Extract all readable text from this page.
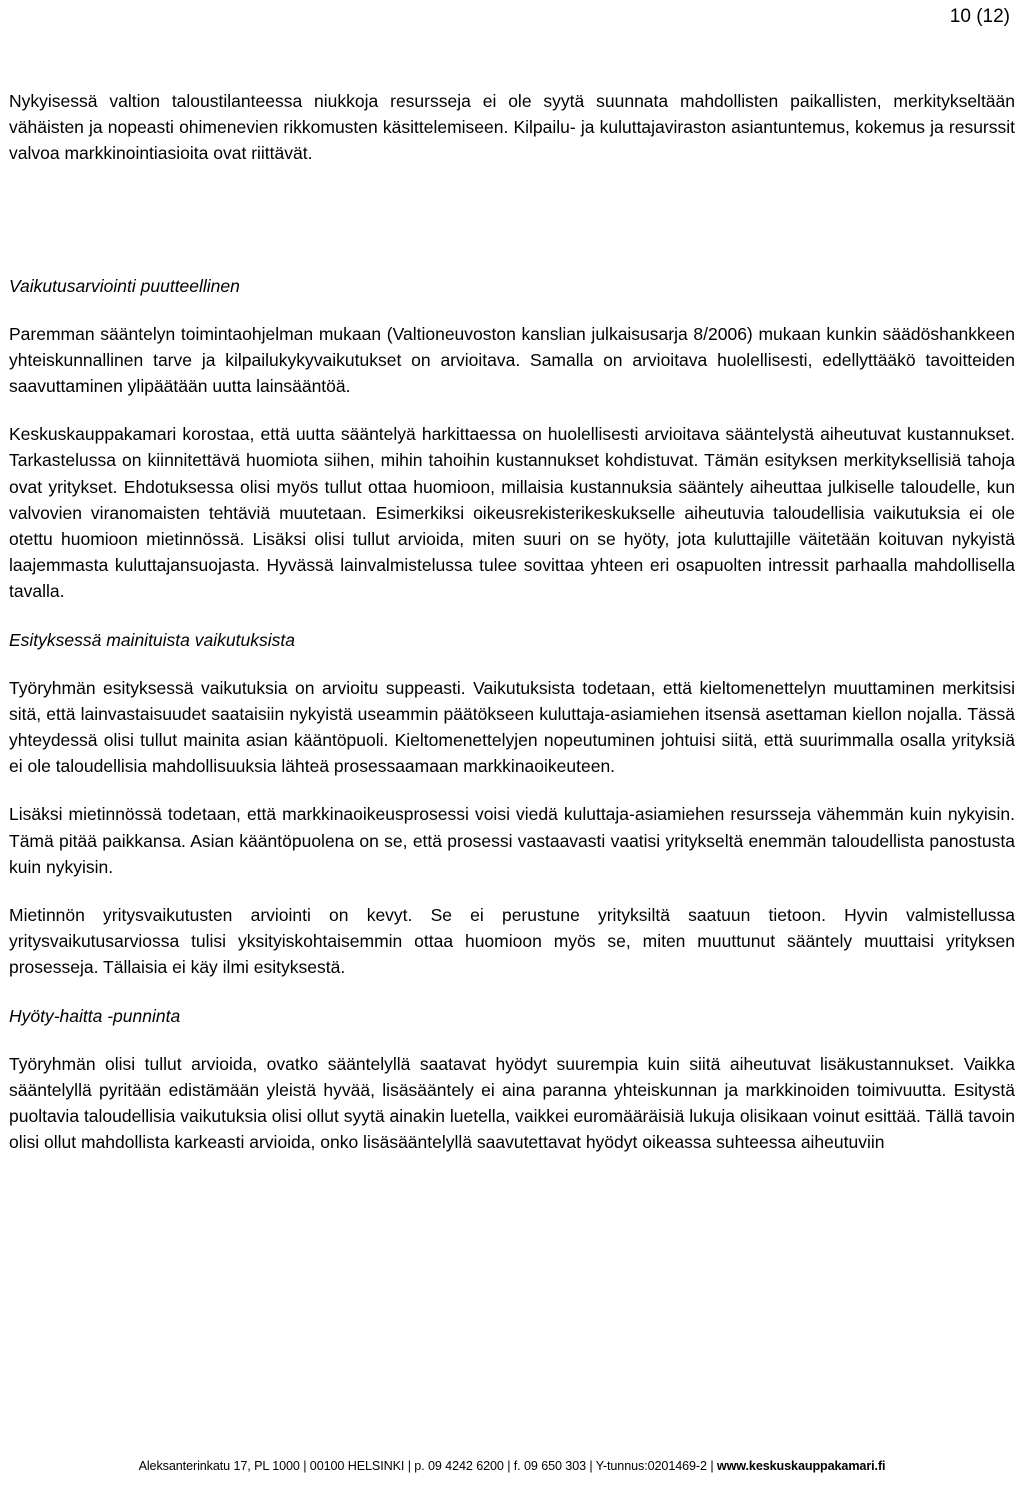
10 (12)

Nykyisessä valtion taloustilanteessa niukkoja resursseja ei ole syytä suunnata mahdollisten paikallisten, merkitykseltään vähäisten ja nopeasti ohimenevien rikkomusten käsittelemiseen. Kilpailu- ja kuluttajaviraston asiantuntemus, kokemus ja resurssit valvoa markkinointiasioita ovat riittävät.

Vaikutusarviointi puutteellinen

Paremman sääntelyn toimintaohjelman mukaan (Valtioneuvoston kanslian julkaisusarja 8/2006) mukaan kunkin säädöshankkeen yhteiskunnallinen tarve ja kilpailukykyvaikutukset on arvioitava. Samalla on arvioitava huolellisesti, edellyttääkö tavoitteiden saavuttaminen ylipäätään uutta lainsääntöä.

Keskuskauppakamari korostaa, että uutta sääntelyä harkittaessa on huolellisesti arvioitava sääntelystä aiheutuvat kustannukset. Tarkastelussa on kiinnitettävä huomiota siihen, mihin tahoihin kustannukset kohdistuvat. Tämän esityksen merkityksellisiä tahoja ovat yritykset. Ehdotuksessa olisi myös tullut ottaa huomioon, millaisia kustannuksia sääntely aiheuttaa julkiselle taloudelle, kun valvovien viranomaisten tehtäviä muutetaan. Esimerkiksi oikeusrekisterikeskukselle aiheutuvia taloudellisia vaikutuksia ei ole otettu huomioon mietinnössä. Lisäksi olisi tullut arvioida, miten suuri on se hyöty, jota kuluttajille väitetään koituvan nykyistä laajemmasta kuluttajansuojasta. Hyvässä lainvalmistelussa tulee sovittaa yhteen eri osapuolten intressit parhaalla mahdollisella tavalla.

Esityksessä mainituista vaikutuksista

Työryhmän esityksessä vaikutuksia on arvioitu suppeasti. Vaikutuksista todetaan, että kieltomenettelyn muuttaminen merkitsisi sitä, että lainvastaisuudet saataisiin nykyistä useammin päätökseen kuluttaja-asiamiehen itsensä asettaman kiellon nojalla. Tässä yhteydessä olisi tullut mainita asian kääntöpuoli. Kieltomenettelyjen nopeutuminen johtuisi siitä, että suurimmalla osalla yrityksiä ei ole taloudellisia mahdollisuuksia lähteä prosessaamaan markkinaoikeuteen.

Lisäksi mietinnössä todetaan, että markkinaoikeusprosessi voisi viedä kuluttaja-asiamiehen resursseja vähemmän kuin nykyisin. Tämä pitää paikkansa. Asian kääntöpuolena on se, että prosessi vastaavasti vaatisi yritykseltä enemmän taloudellista panostusta kuin nykyisin.

Mietinnön yritysvaikutusten arviointi on kevyt. Se ei perustune yrityksiltä saatuun tietoon. Hyvin valmistellussa yritysvaikutusarviossa tulisi yksityiskohtaisemmin ottaa huomioon myös se, miten muuttunut sääntely muuttaisi yrityksen prosesseja. Tällaisia ei käy ilmi esityksestä.

Hyöty-haitta -punninta

Työryhmän olisi tullut arvioida, ovatko sääntelyllä saatavat hyödyt suurempia kuin siitä aiheutuvat lisäkustannukset. Vaikka sääntelyllä pyritään edistämään yleistä hyvää, lisäsääntely ei aina paranna yhteiskunnan ja markkinoiden toimivuutta. Esitystä puoltavia taloudellisia vaikutuksia olisi ollut syytä ainakin luetella, vaikkei euromääräisiä lukuja olisikaan voinut esittää. Tällä tavoin olisi ollut mahdollista karkeasti arvioida, onko lisäsääntelyllä saavutettavat hyödyt oikeassa suhteessa aiheutuviin

Aleksanterinkatu 17, PL 1000 | 00100 HELSINKI | p. 09 4242 6200 | f. 09 650 303 | Y-tunnus:0201469-2 | www.keskuskauppakamari.fi
